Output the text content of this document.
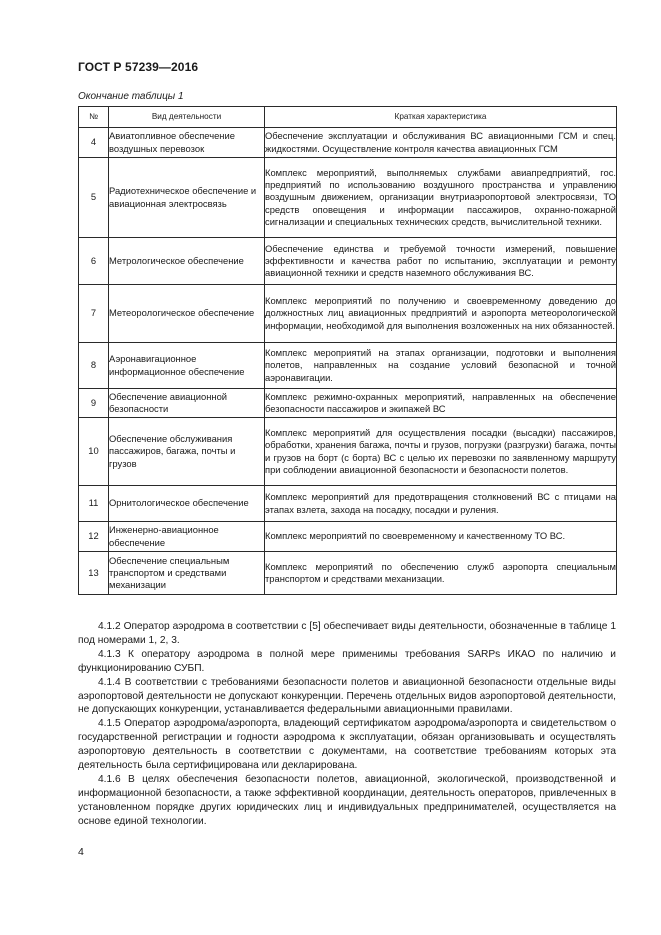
ГОСТ Р 57239—2016
Окончание таблицы 1
№	Вид деятельности	Краткая характеристика
4	Авиатопливное обеспечение воздушных перевозок	Обеспечение эксплуатации и обслуживания ВС авиационными ГСМ и спец. жидкостями. Осуществление контроля качества авиационных ГСМ
5	Радиотехническое обеспечение и авиационная электросвязь	Комплекс мероприятий, выполняемых службами авиапредприятий, гос. предприятий по использованию воздушного пространства и управлению воздушным движением, организации внутриаэропортовой электросвязи, ТО средств оповещения и информации пассажиров, охранно-пожарной сигнализации и специальных технических средств, вычислительной техники.
6	Метрологическое обеспечение	Обеспечение единства и требуемой точности измерений, повышение эффективности и качества работ по испытанию, эксплуатации и ремонту авиационной техники и средств наземного обслуживания ВС.
7	Метеорологическое обеспечение	Комплекс мероприятий по получению и своевременному доведению до должностных лиц авиационных предприятий и аэропорта метеорологической информации, необходимой для выполнения возложенных на них обязанностей.
8	Аэронавигационное информационное обеспечение	Комплекс мероприятий на этапах организации, подготовки и выполнения полетов, направленных на создание условий безопасной и точной аэронавигации.
9	Обеспечение авиационной безопасности	Комплекс режимно-охранных мероприятий, направленных на обеспечение безопасности пассажиров и экипажей ВС
10	Обеспечение обслуживания пассажиров, багажа, почты и грузов	Комплекс мероприятий для осуществления посадки (высадки) пассажиров, обработки, хранения багажа, почты и грузов, погрузки (разгрузки) багажа, почты и грузов на борт (с борта) ВС с целью их перевозки по заявленному маршруту при соблюдении авиационной безопасности и безопасности полетов.
11	Орнитологическое обеспечение	Комплекс мероприятий для предотвращения столкновений ВС с птицами на этапах взлета, захода на посадку, посадки и руления.
12	Инженерно-авиационное обеспечение	Комплекс мероприятий по своевременному и качественному ТО ВС.
13	Обеспечение специальным транспортом и средствами механизации	Комплекс мероприятий по обеспечению служб аэропорта специальным транспортом и средствами механизации.

4.1.2 Оператор аэродрома в соответствии с [5] обеспечивает виды деятельности, обозначенные в таблице 1 под номерами 1, 2, 3.

4.1.3 К оператору аэродрома в полной мере применимы требования SARPs ИКАО по наличию и функционированию СУБП.

4.1.4 В соответствии с требованиями безопасности полетов и авиационной безопасности отдельные виды аэропортовой деятельности не допускают конкуренции. Перечень отдельных видов аэропортовой деятельности, не допускающих конкуренции, устанавливается федеральными авиационными правилами.

4.1.5 Оператор аэродрома/аэропорта, владеющий сертификатом аэродрома/аэропорта и свидетельством о государственной регистрации и годности аэродрома к эксплуатации, обязан организовывать и осуществлять аэропортовую деятельность в соответствии с документами, на соответствие требованиям которых эта деятельность была сертифицирована или декларирована.

4.1.6 В целях обеспечения безопасности полетов, авиационной, экологической, производственной и информационной безопасности, а также эффективной координации, деятельность операторов, привлеченных в установленном порядке других юридических лиц и индивидуальных предпринимателей, осуществляется на основе единой технологии.

4
